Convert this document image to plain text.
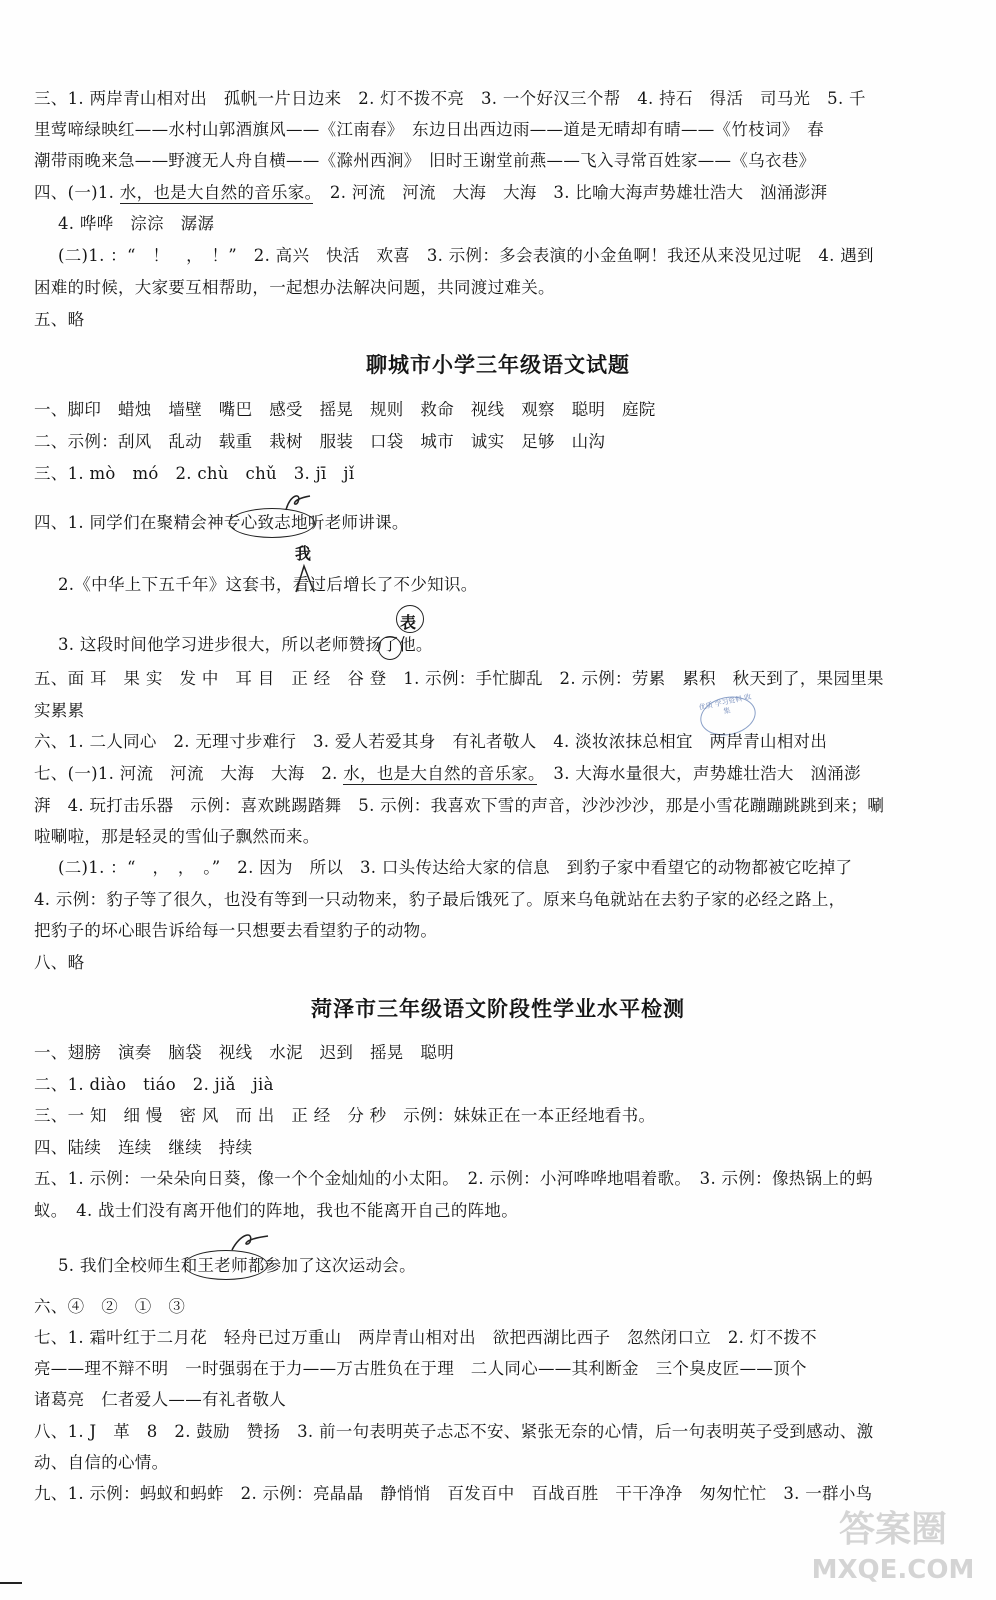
三、1. 两岸青山相对出　孤帆一片日边来　2. 灯不拨不亮　3. 一个好汉三个帮　4. 持石　得活　司马光　5. 千
里莺啼绿映红——水村山郭酒旗风——《江南春》　东边日出西边雨——道是无晴却有晴——《竹枝词》　春
潮带雨晚来急——野渡无人舟自横——《滁州西涧》　旧时王谢堂前燕——飞入寻常百姓家——《乌衣巷》
四、(一)1. 水，也是大自然的音乐家。　2. 河流　河流　大海　大海　3. 比喻大海声势雄壮浩大　汹涌澎湃
4. 哗哗　淙淙　潺潺
(二)1. ：“　！　，　！”　2. 高兴　快活　欢喜　3. 示例：多会表演的小金鱼啊！我还从来没见过呢　4. 遇到
困难的时候，大家要互相帮助，一起想办法解决问题，共同渡过难关。
五、略
聊城市小学三年级语文试题
一、脚印　蜡烛　墙壁　嘴巴　感受　摇晃　规则　救命　视线　观察　聪明　庭院
二、示例：刮风　乱动　载重　栽树　服装　口袋　城市　诚实　足够　山沟
三、1. mò　mó　2. chù　chǔ　3. jī　jǐ
四、1. 同学们在聚精会神专心致志地听老师讲课。
我
2.《中华上下五千年》这套书，看过后增长了不少知识。
表
3. 这段时间他学习进步很大，所以老师赞扬了他。
五、面 耳　果 实　发 中　耳 目　正 经　谷 登　1. 示例：手忙脚乱　2. 示例：劳累　累积　秋天到了，果园里果
实累累	优质 学习资料 收集
六、1. 二人同心　2. 无理寸步难行　3. 爱人若爱其身　有礼者敬人　4. 淡妆浓抹总相宜　两岸青山相对出
七、(一)1. 河流　河流　大海　大海　2. 水，也是大自然的音乐家。　3. 大海水量很大，声势雄壮浩大　汹涌澎
湃　4. 玩打击乐器　示例：喜欢跳踢踏舞　5. 示例：我喜欢下雪的声音，沙沙沙沙，那是小雪花蹦蹦跳跳到来；唰
啦唰啦，那是轻灵的雪仙子飘然而来。
(二)1. ：“　，　，　。”　2. 因为　所以　3. 口头传达给大家的信息　到豹子家中看望它的动物都被它吃掉了
4. 示例：豹子等了很久，也没有等到一只动物来，豹子最后饿死了。原来乌龟就站在去豹子家的必经之路上，
把豹子的坏心眼告诉给每一只想要去看望豹子的动物。
八、略
菏泽市三年级语文阶段性学业水平检测
一、翅膀　演奏　脑袋　视线　水泥　迟到　摇晃　聪明
二、1. diào　tiáo　2. jiǎ　jià
三、一 知　细 慢　密 风　而 出　正 经　分 秒　示例：妹妹正在一本正经地看书。
四、陆续　连续　继续　持续
五、1. 示例：一朵朵向日葵，像一个个金灿灿的小太阳。　2. 示例：小河哗哗地唱着歌。　3. 示例：像热锅上的蚂
蚁。　4. 战士们没有离开他们的阵地，我也不能离开自己的阵地。
5. 我们全校师生和王老师都参加了这次运动会。
六、④　②　①　③
七、1. 霜叶红于二月花　轻舟已过万重山　两岸青山相对出　欲把西湖比西子　忽然闭口立　2. 灯不拨不
亮——理不辩不明　一时强弱在于力——万古胜负在于理　二人同心——其利断金　三个臭皮匠——顶个
诸葛亮　仁者爱人——有礼者敬人
八、1. J　革　8　2. 鼓励　赞扬　3. 前一句表明英子忐忑不安、紧张无奈的心情，后一句表明英子受到感动、激
动、自信的心情。
九、1. 示例：蚂蚁和蚂蚱　2. 示例：亮晶晶　静悄悄　百发百中　百战百胜　干干净净　匆匆忙忙　3. 一群小鸟
答案圈
MXQE.COM
